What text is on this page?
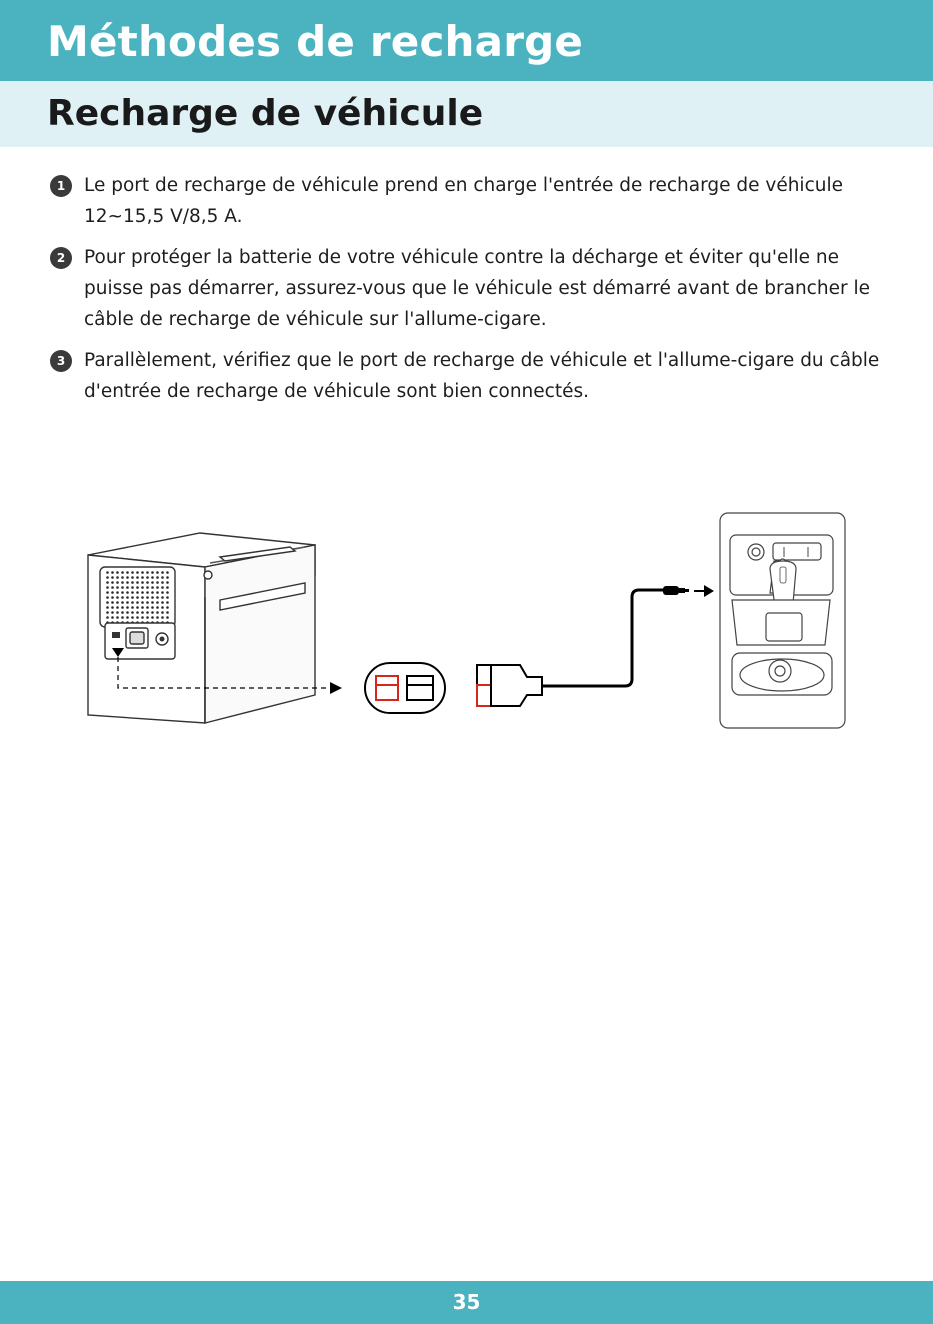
Méthodes de recharge
Recharge de véhicule
1	Le port de recharge de véhicule prend en charge l'entrée de recharge de véhicule 12~15,5 V/8,5 A.
2	Pour protéger la batterie de votre véhicule contre la décharge et éviter qu'elle ne puisse pas démarrer, assurez-vous que le véhicule est démarré avant de brancher le câble de recharge de véhicule sur l'allume-cigare.
3	Parallèlement, vérifiez que le port de recharge de véhicule et l'allume-cigare du câble d'entrée de recharge de véhicule sont bien connectés.
35
